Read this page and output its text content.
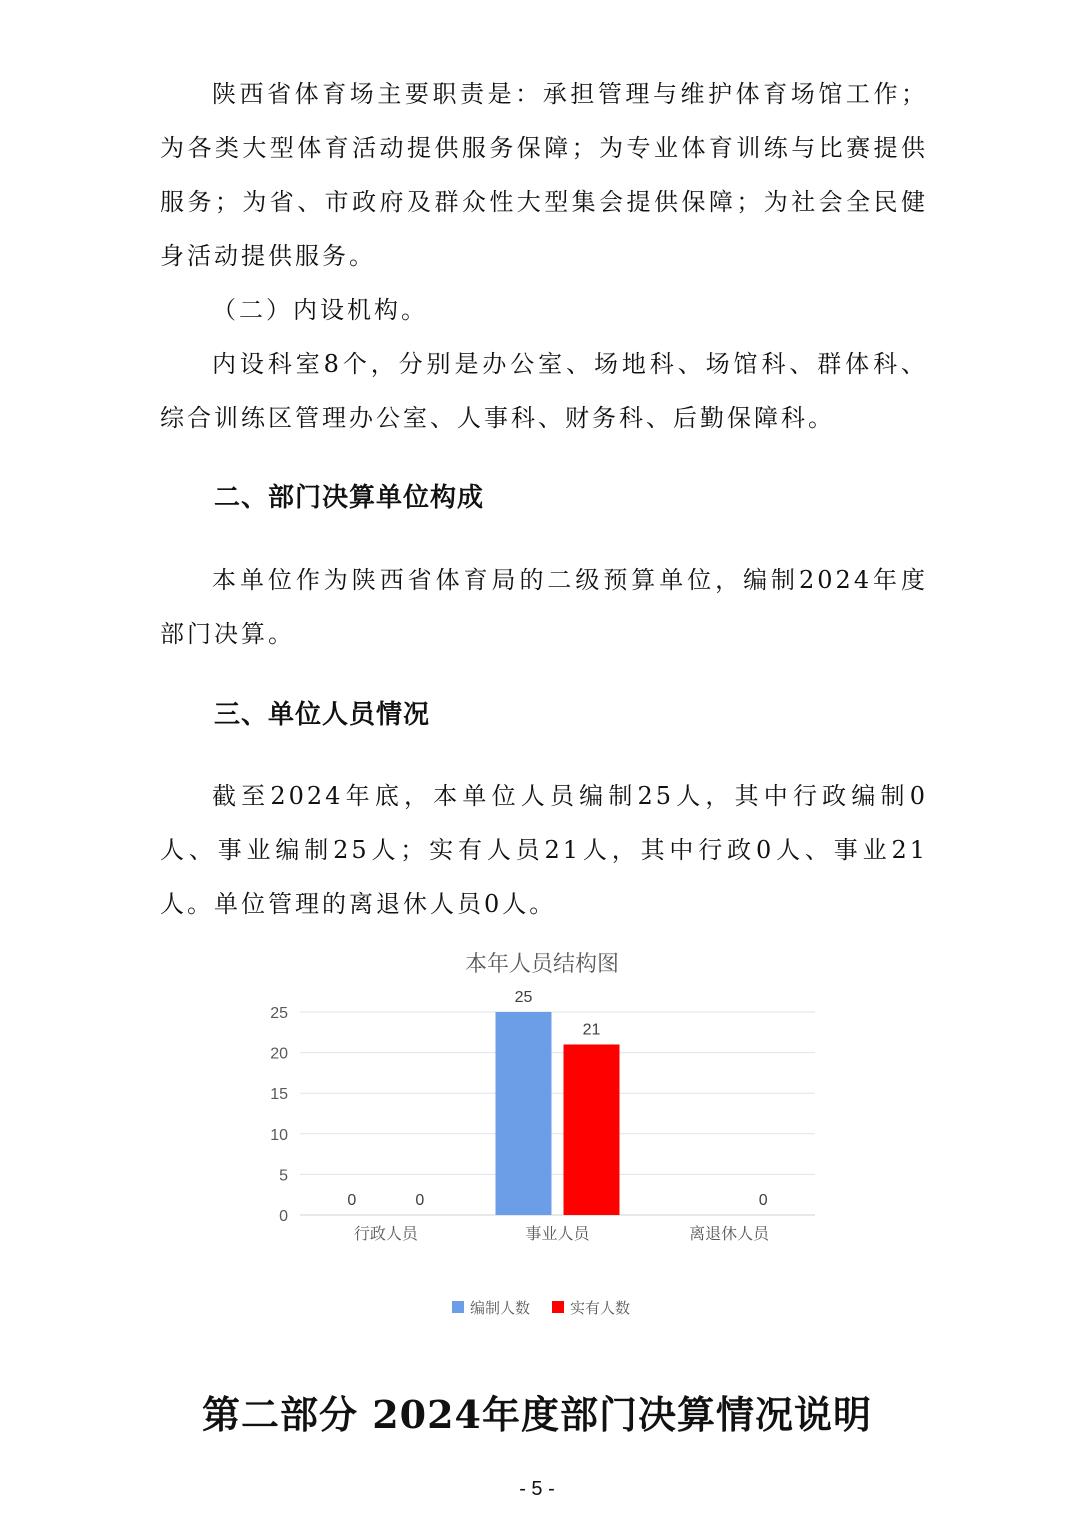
陕西省体育场主要职责是：承担管理与维护体育场馆工作；为各类大型体育活动提供服务保障；为专业体育训练与比赛提供服务；为省、市政府及群众性大型集会提供保障；为社会全民健身活动提供服务。

（二）内设机构。

内设科室8个，分别是办公室、场地科、场馆科、群体科、综合训练区管理办公室、人事科、财务科、后勤保障科。

二、部门决算单位构成

本单位作为陕西省体育局的二级预算单位，编制2024年度部门决算。

三、单位人员情况

截至2024年底，本单位人员编制25人，其中行政编制0人、事业编制25人；实有人员21人，其中行政0人、事业21人。单位管理的离退休人员0人。

本年人员结构图
0
5
10
15
20
25
行政人员
0	0
事业人员
25
21
离退休人员
0
编制人数	实有人数
第二部分 2024年度部门决算情况说明
- 5 -
